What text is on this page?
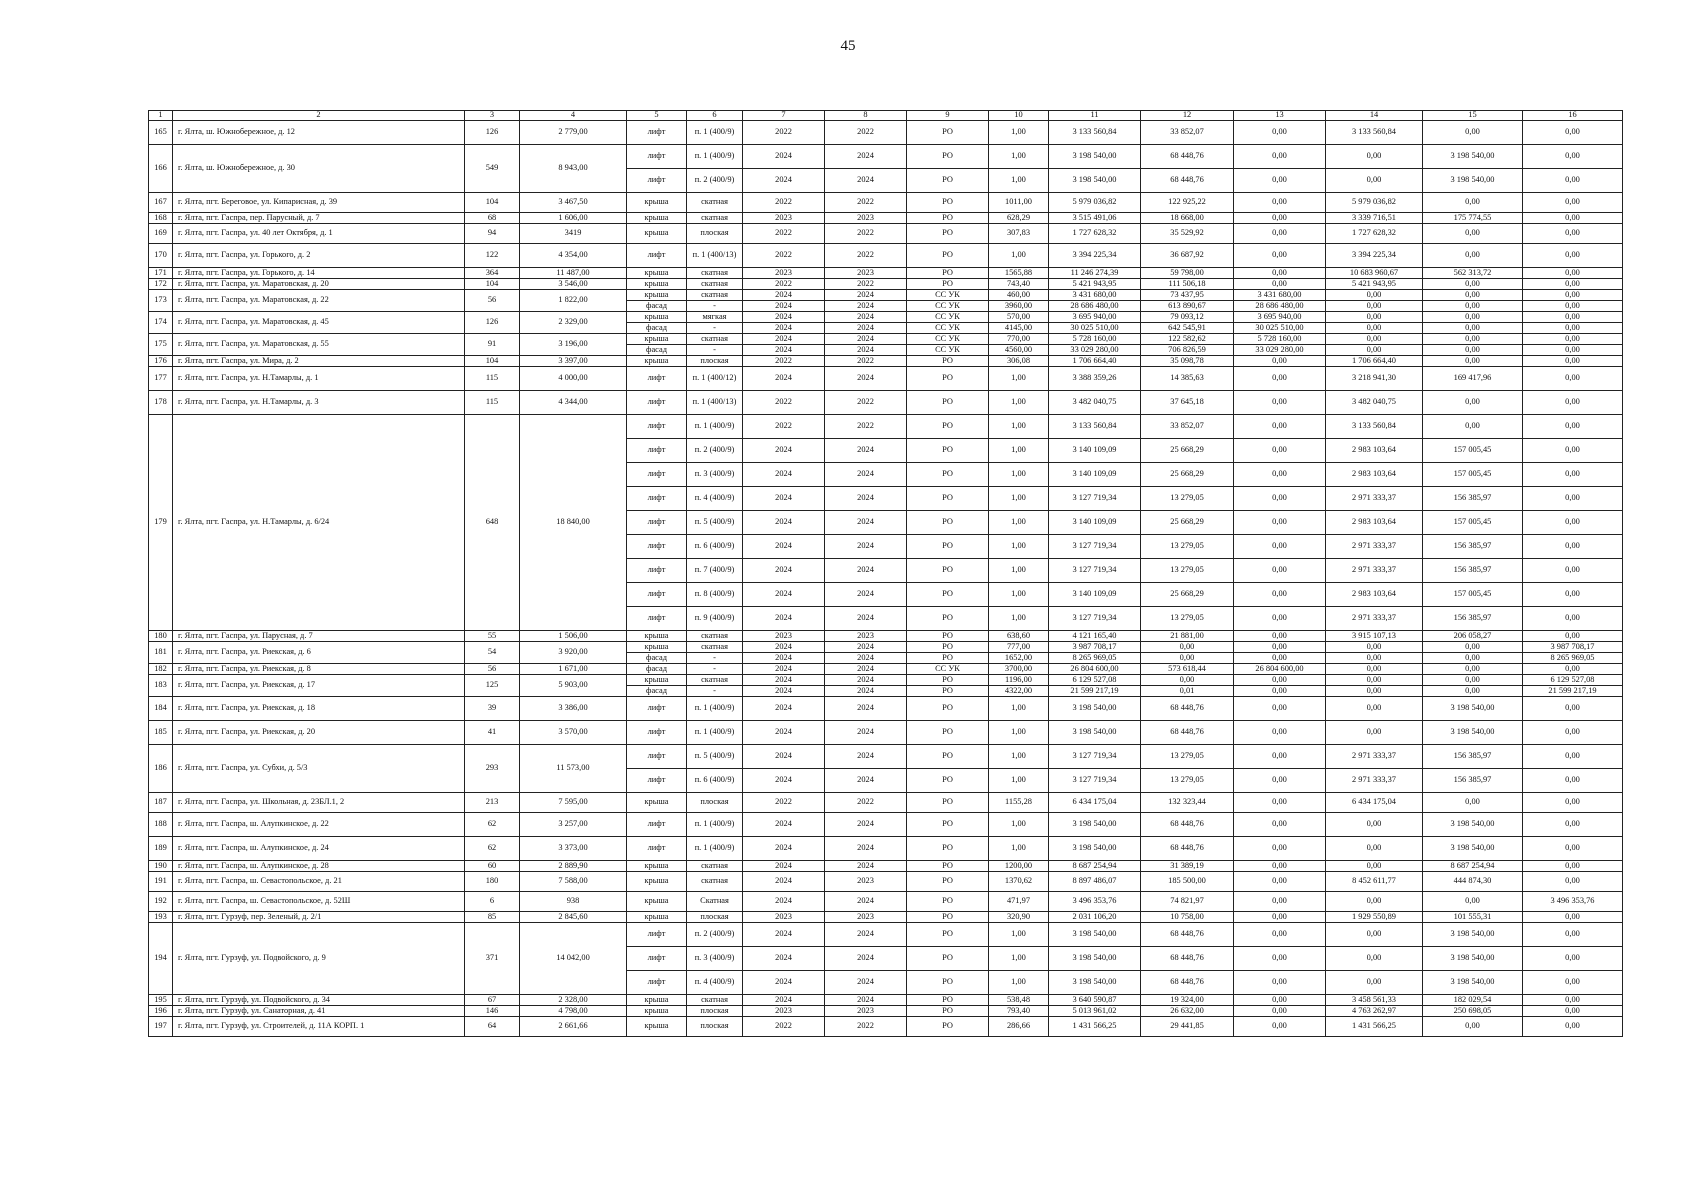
45
1	2	3	4	5	6	7	8	9	10	11	12	13	14	15	16
165	г. Ялта, ш. Южнобережное, д. 12	126	2 779,00	лифт	п. 1 (400/9)	2022	2022	РО	1,00	3 133 560,84	33 852,07	0,00	3 133 560,84	0,00	0,00
166	г. Ялта, ш. Южнобережное, д. 30	549	8 943,00	лифт	п. 1 (400/9)	2024	2024	РО	1,00	3 198 540,00	68 448,76	0,00	0,00	3 198 540,00	0,00
				лифт	п. 2 (400/9)	2024	2024	РО	1,00	3 198 540,00	68 448,76	0,00	0,00	3 198 540,00	0,00
167	г. Ялта, пгт. Береговое, ул. Кипарисная, д. 39	104	3 467,50	крыша	скатная	2022	2022	РО	1011,00	5 979 036,82	122 925,22	0,00	5 979 036,82	0,00	0,00
168	г. Ялта, пгт. Гаспра, пер. Парусный, д. 7	68	1 606,00	крыша	скатная	2023	2023	РО	628,29	3 515 491,06	18 668,00	0,00	3 339 716,51	175 774,55	0,00
169	г. Ялта, пгт. Гаспра, ул. 40 лет Октября, д. 1	94	3419	крыша	плоская	2022	2022	РО	307,83	1 727 628,32	35 529,92	0,00	1 727 628,32	0,00	0,00
170	г. Ялта, пгт. Гаспра, ул. Горького, д. 2	122	4 354,00	лифт	п. 1 (400/13)	2022	2022	РО	1,00	3 394 225,34	36 687,92	0,00	3 394 225,34	0,00	0,00
171	г. Ялта, пгт. Гаспра, ул. Горького, д. 14	364	11 487,00	крыша	скатная	2023	2023	РО	1565,88	11 246 274,39	59 798,00	0,00	10 683 960,67	562 313,72	0,00
172	г. Ялта, пгт. Гаспра, ул. Маратовская, д. 20	104	3 546,00	крыша	скатная	2022	2022	РО	743,40	5 421 943,95	111 506,18	0,00	5 421 943,95	0,00	0,00
173	г. Ялта, пгт. Гаспра, ул. Маратовская, д. 22	56	1 822,00	крыша	скатная	2024	2024	СС УК	460,00	3 431 680,00	73 437,95	3 431 680,00	0,00	0,00	0,00
				фасад	-	2024	2024	СС УК	3960,00	28 686 480,00	613 890,67	28 686 480,00	0,00	0,00	0,00
174	г. Ялта, пгт. Гаспра, ул. Маратовская, д. 45	126	2 329,00	крыша	мягкая	2024	2024	СС УК	570,00	3 695 940,00	79 093,12	3 695 940,00	0,00	0,00	0,00
				фасад	-	2024	2024	СС УК	4145,00	30 025 510,00	642 545,91	30 025 510,00	0,00	0,00	0,00
175	г. Ялта, пгт. Гаспра, ул. Маратовская, д. 55	91	3 196,00	крыша	скатная	2024	2024	СС УК	770,00	5 728 160,00	122 582,62	5 728 160,00	0,00	0,00	0,00
				фасад	-	2024	2024	СС УК	4560,00	33 029 280,00	706 826,59	33 029 280,00	0,00	0,00	0,00
176	г. Ялта, пгт. Гаспра, ул. Мира, д. 2	104	3 397,00	крыша	плоская	2022	2022	РО	306,08	1 706 664,40	35 098,78	0,00	1 706 664,40	0,00	0,00
177	г. Ялта, пгт. Гаспра, ул. Н.Тамарлы, д. 1	115	4 000,00	лифт	п. 1 (400/12)	2024	2024	РО	1,00	3 388 359,26	14 385,63	0,00	3 218 941,30	169 417,96	0,00
178	г. Ялта, пгт. Гаспра, ул. Н.Тамарлы, д. 3	115	4 344,00	лифт	п. 1 (400/13)	2022	2022	РО	1,00	3 482 040,75	37 645,18	0,00	3 482 040,75	0,00	0,00
179	г. Ялта, пгт. Гаспра, ул. Н.Тамарлы, д. 6/24	648	18 840,00	лифт	п. 1 (400/9)	2022	2022	РО	1,00	3 133 560,84	33 852,07	0,00	3 133 560,84	0,00	0,00
				лифт	п. 2 (400/9)	2024	2024	РО	1,00	3 140 109,09	25 668,29	0,00	2 983 103,64	157 005,45	0,00
				лифт	п. 3 (400/9)	2024	2024	РО	1,00	3 140 109,09	25 668,29	0,00	2 983 103,64	157 005,45	0,00
				лифт	п. 4 (400/9)	2024	2024	РО	1,00	3 127 719,34	13 279,05	0,00	2 971 333,37	156 385,97	0,00
				лифт	п. 5 (400/9)	2024	2024	РО	1,00	3 140 109,09	25 668,29	0,00	2 983 103,64	157 005,45	0,00
				лифт	п. 6 (400/9)	2024	2024	РО	1,00	3 127 719,34	13 279,05	0,00	2 971 333,37	156 385,97	0,00
				лифт	п. 7 (400/9)	2024	2024	РО	1,00	3 127 719,34	13 279,05	0,00	2 971 333,37	156 385,97	0,00
				лифт	п. 8 (400/9)	2024	2024	РО	1,00	3 140 109,09	25 668,29	0,00	2 983 103,64	157 005,45	0,00
				лифт	п. 9 (400/9)	2024	2024	РО	1,00	3 127 719,34	13 279,05	0,00	2 971 333,37	156 385,97	0,00
180	г. Ялта, пгт. Гаспра, ул. Парусная, д. 7	55	1 506,00	крыша	скатная	2023	2023	РО	638,60	4 121 165,40	21 881,00	0,00	3 915 107,13	206 058,27	0,00
181	г. Ялта, пгт. Гаспра, ул. Риекская, д. 6	54	3 920,00	крыша	скатная	2024	2024	РО	777,00	3 987 708,17	0,00	0,00	0,00	0,00	3 987 708,17
				фасад	-	2024	2024	РО	1652,00	8 265 969,05	0,00	0,00	0,00	0,00	8 265 969,05
182	г. Ялта, пгт. Гаспра, ул. Риекская, д. 8	56	1 671,00	фасад	-	2024	2024	СС УК	3700,00	26 804 600,00	573 618,44	26 804 600,00	0,00	0,00	0,00
183	г. Ялта, пгт. Гаспра, ул. Риекская, д. 17	125	5 903,00	крыша	скатная	2024	2024	РО	1196,00	6 129 527,08	0,00	0,00	0,00	0,00	6 129 527,08
				фасад	-	2024	2024	РО	4322,00	21 599 217,19	0,01	0,00	0,00	0,00	21 599 217,19
184	г. Ялта, пгт. Гаспра, ул. Риекская, д. 18	39	3 386,00	лифт	п. 1 (400/9)	2024	2024	РО	1,00	3 198 540,00	68 448,76	0,00	0,00	3 198 540,00	0,00
185	г. Ялта, пгт. Гаспра, ул. Риекская, д. 20	41	3 570,00	лифт	п. 1 (400/9)	2024	2024	РО	1,00	3 198 540,00	68 448,76	0,00	0,00	3 198 540,00	0,00
186	г. Ялта, пгт. Гаспра, ул. Субхи, д. 5/3	293	11 573,00	лифт	п. 5 (400/9)	2024	2024	РО	1,00	3 127 719,34	13 279,05	0,00	2 971 333,37	156 385,97	0,00
				лифт	п. 6 (400/9)	2024	2024	РО	1,00	3 127 719,34	13 279,05	0,00	2 971 333,37	156 385,97	0,00
187	г. Ялта, пгт. Гаспра, ул. Школьная, д. 23БЛ.1, 2	213	7 595,00	крыша	плоская	2022	2022	РО	1155,28	6 434 175,04	132 323,44	0,00	6 434 175,04	0,00	0,00
188	г. Ялта, пгт. Гаспра, ш. Алупкинское, д. 22	62	3 257,00	лифт	п. 1 (400/9)	2024	2024	РО	1,00	3 198 540,00	68 448,76	0,00	0,00	3 198 540,00	0,00
189	г. Ялта, пгт. Гаспра, ш. Алупкинское, д. 24	62	3 373,00	лифт	п. 1 (400/9)	2024	2024	РО	1,00	3 198 540,00	68 448,76	0,00	0,00	3 198 540,00	0,00
190	г. Ялта, пгт. Гаспра, ш. Алупкинское, д. 28	60	2 889,90	крыша	скатная	2024	2024	РО	1200,00	8 687 254,94	31 389,19	0,00	0,00	8 687 254,94	0,00
191	г. Ялта, пгт. Гаспра, ш. Севастопольское, д. 21	180	7 588,00	крыша	скатная	2024	2023	РО	1370,62	8 897 486,07	185 500,00	0,00	8 452 611,77	444 874,30	0,00
192	г. Ялта, пгт. Гаспра, ш. Севастопольское, д. 52Ш	6	938	крыша	Скатная	2024	2024	РО	471,97	3 496 353,76	74 821,97	0,00	0,00	0,00	3 496 353,76
193	г. Ялта, пгт. Гурзуф, пер. Зеленый, д. 2/1	85	2 845,60	крыша	плоская	2023	2023	РО	320,90	2 031 106,20	10 758,00	0,00	1 929 550,89	101 555,31	0,00
194	г. Ялта, пгт. Гурзуф, ул. Подвойского, д. 9	371	14 042,00	лифт	п. 2 (400/9)	2024	2024	РО	1,00	3 198 540,00	68 448,76	0,00	0,00	3 198 540,00	0,00
				лифт	п. 3 (400/9)	2024	2024	РО	1,00	3 198 540,00	68 448,76	0,00	0,00	3 198 540,00	0,00
				лифт	п. 4 (400/9)	2024	2024	РО	1,00	3 198 540,00	68 448,76	0,00	0,00	3 198 540,00	0,00
195	г. Ялта, пгт. Гурзуф, ул. Подвойского, д. 34	67	2 328,00	крыша	скатная	2024	2024	РО	538,48	3 640 590,87	19 324,00	0,00	3 458 561,33	182 029,54	0,00
196	г. Ялта, пгт. Гурзуф, ул. Санаторная, д. 41	146	4 798,00	крыша	плоская	2023	2023	РО	793,40	5 013 961,02	26 632,00	0,00	4 763 262,97	250 698,05	0,00
197	г. Ялта, пгт. Гурзуф, ул. Строителей, д. 11А КОРП. 1	64	2 661,66	крыша	плоская	2022	2022	РО	286,66	1 431 566,25	29 441,85	0,00	1 431 566,25	0,00	0,00
